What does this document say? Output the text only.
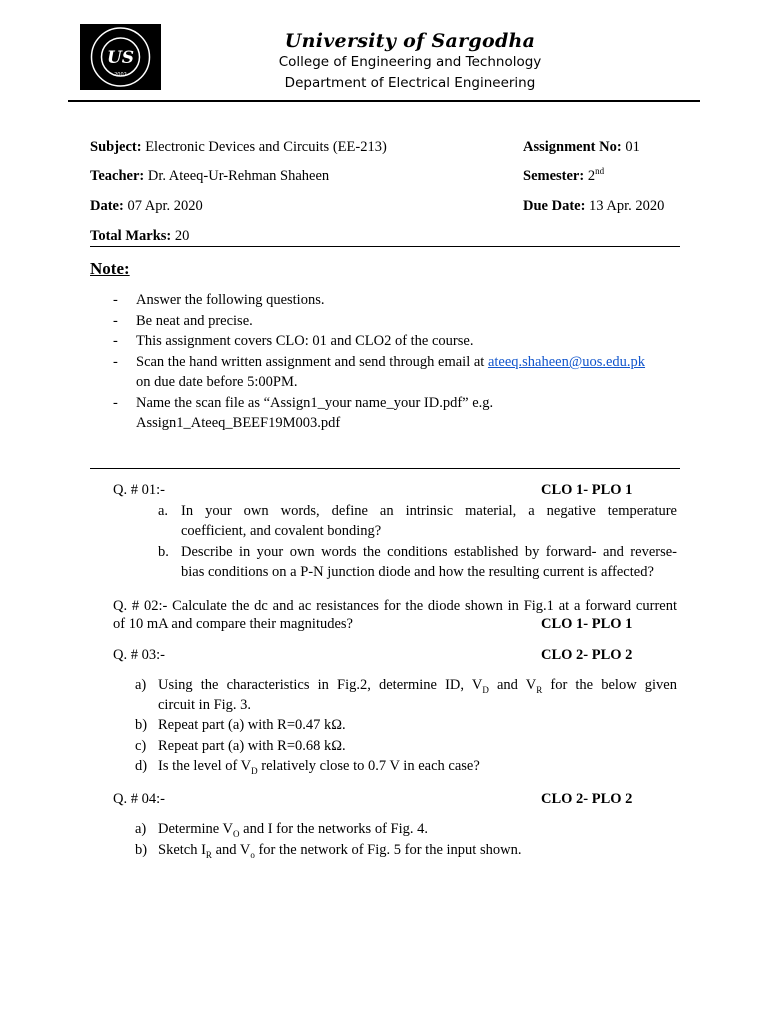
US
2002
University of Sargodha
College of Engineering and Technology
Department of Electrical Engineering
Subject: Electronic Devices and Circuits (EE-213)	Assignment No: 01
Teacher: Dr. Ateeq-Ur-Rehman Shaheen	Semester: 2nd
Date: 07 Apr. 2020	Due Date: 13 Apr. 2020
Total Marks: 20
Note:
- Answer the following questions.
- Be neat and precise.
- This assignment covers CLO: 01 and CLO2 of the course.
- Scan the hand written assignment and send through email at ateeq.shaheen@uos.edu.pk
on due date before 5:00PM.
- Name the scan file as “Assign1_your name_your ID.pdf” e.g.
Assign1_Ateeq_BEEF19M003.pdf
Q. # 01:-	CLO 1- PLO 1
a. In your own words, define an intrinsic material, a negative temperature
coefficient, and covalent bonding?
b. Describe in your own words the conditions established by forward- and reverse-
bias conditions on a P-N junction diode and how the resulting current is affected?
Q. # 02:- Calculate the dc and ac resistances for the diode shown in Fig.1 at a forward current
of 10 mA and compare their magnitudes?	CLO 1- PLO 1
Q. # 03:-	CLO 2- PLO 2
a) Using the characteristics in Fig.2, determine ID, $V_D$ and $V_R$ for the below given
circuit in Fig. 3.
b) Repeat part (a) with R=0.47 kΩ.
c) Repeat part (a) with R=0.68 kΩ.
d) Is the level of $V_D$ relatively close to 0.7 V in each case?
Q. # 04:-	CLO 2- PLO 2
a) Determine $V_O$ and I for the networks of Fig. 4.
b) Sketch $I_R$ and $V_o$ for the network of Fig. 5 for the input shown.
